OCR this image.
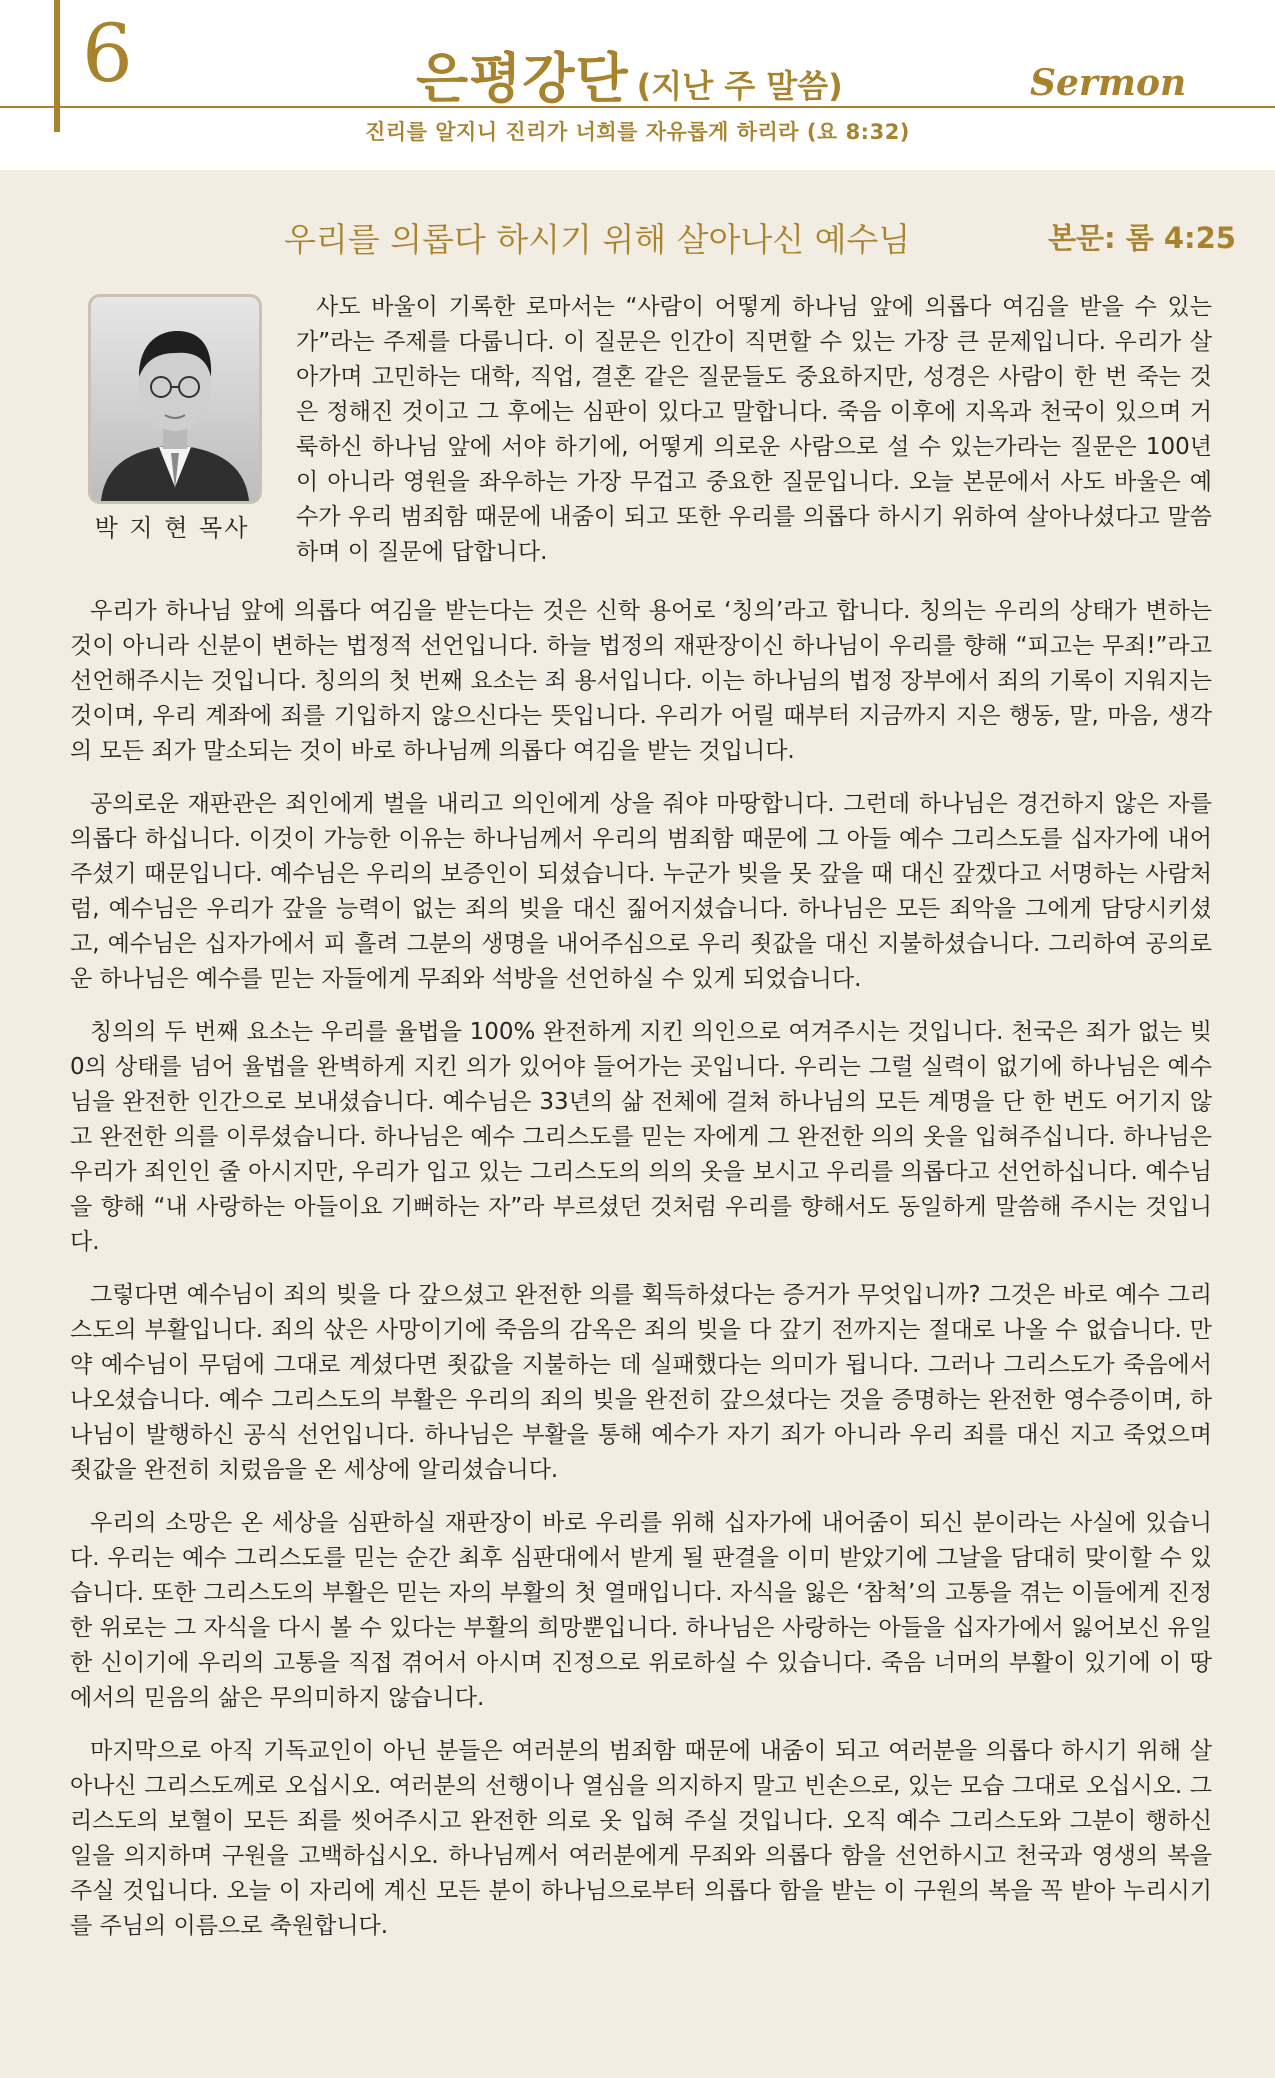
6	은평강단 (지난 주 말씀)	Sermon
진리를 알지니 진리가 너희를 자유롭게 하리라 (요 8:32)
우리를 의롭다 하시기 위해 살아나신 예수님	본문: 롬 4:25
박 지 현 목사

사도 바울이 기록한 로마서는 “사람이 어떻게 하나님 앞에 의롭다 여김을 받을 수 있는가”라는 주제를 다룹니다. 이 질문은 인간이 직면할 수 있는 가장 큰 문제입니다. 우리가 살아가며 고민하는 대학, 직업, 결혼 같은 질문들도 중요하지만, 성경은 사람이 한 번 죽는 것은 정해진 것이고 그 후에는 심판이 있다고 말합니다. 죽음 이후에 지옥과 천국이 있으며 거룩하신 하나님 앞에 서야 하기에, 어떻게 의로운 사람으로 설 수 있는가라는 질문은 100년이 아니라 영원을 좌우하는 가장 무겁고 중요한 질문입니다. 오늘 본문에서 사도 바울은 예수가 우리 범죄함 때문에 내줌이 되고 또한 우리를 의롭다 하시기 위하여 살아나셨다고 말씀하며 이 질문에 답합니다.

우리가 하나님 앞에 의롭다 여김을 받는다는 것은 신학 용어로 ‘칭의’라고 합니다. 칭의는 우리의 상태가 변하는 것이 아니라 신분이 변하는 법정적 선언입니다. 하늘 법정의 재판장이신 하나님이 우리를 향해 “피고는 무죄!”라고 선언해주시는 것입니다. 칭의의 첫 번째 요소는 죄 용서입니다. 이는 하나님의 법정 장부에서 죄의 기록이 지워지는 것이며, 우리 계좌에 죄를 기입하지 않으신다는 뜻입니다. 우리가 어릴 때부터 지금까지 지은 행동, 말, 마음, 생각의 모든 죄가 말소되는 것이 바로 하나님께 의롭다 여김을 받는 것입니다.

공의로운 재판관은 죄인에게 벌을 내리고 의인에게 상을 줘야 마땅합니다. 그런데 하나님은 경건하지 않은 자를 의롭다 하십니다. 이것이 가능한 이유는 하나님께서 우리의 범죄함 때문에 그 아들 예수 그리스도를 십자가에 내어주셨기 때문입니다. 예수님은 우리의 보증인이 되셨습니다. 누군가 빚을 못 갚을 때 대신 갚겠다고 서명하는 사람처럼, 예수님은 우리가 갚을 능력이 없는 죄의 빚을 대신 짊어지셨습니다. 하나님은 모든 죄악을 그에게 담당시키셨고, 예수님은 십자가에서 피 흘려 그분의 생명을 내어주심으로 우리 죗값을 대신 지불하셨습니다. 그리하여 공의로운 하나님은 예수를 믿는 자들에게 무죄와 석방을 선언하실 수 있게 되었습니다.

칭의의 두 번째 요소는 우리를 율법을 100% 완전하게 지킨 의인으로 여겨주시는 것입니다. 천국은 죄가 없는 빚 0의 상태를 넘어 율법을 완벽하게 지킨 의가 있어야 들어가는 곳입니다. 우리는 그럴 실력이 없기에 하나님은 예수님을 완전한 인간으로 보내셨습니다. 예수님은 33년의 삶 전체에 걸쳐 하나님의 모든 계명을 단 한 번도 어기지 않고 완전한 의를 이루셨습니다. 하나님은 예수 그리스도를 믿는 자에게 그 완전한 의의 옷을 입혀주십니다. 하나님은 우리가 죄인인 줄 아시지만, 우리가 입고 있는 그리스도의 의의 옷을 보시고 우리를 의롭다고 선언하십니다. 예수님을 향해 “내 사랑하는 아들이요 기뻐하는 자”라 부르셨던 것처럼 우리를 향해서도 동일하게 말씀해 주시는 것입니다.

그렇다면 예수님이 죄의 빚을 다 갚으셨고 완전한 의를 획득하셨다는 증거가 무엇입니까? 그것은 바로 예수 그리스도의 부활입니다. 죄의 삯은 사망이기에 죽음의 감옥은 죄의 빚을 다 갚기 전까지는 절대로 나올 수 없습니다. 만약 예수님이 무덤에 그대로 계셨다면 죗값을 지불하는 데 실패했다는 의미가 됩니다. 그러나 그리스도가 죽음에서 나오셨습니다. 예수 그리스도의 부활은 우리의 죄의 빚을 완전히 갚으셨다는 것을 증명하는 완전한 영수증이며, 하나님이 발행하신 공식 선언입니다. 하나님은 부활을 통해 예수가 자기 죄가 아니라 우리 죄를 대신 지고 죽었으며 죗값을 완전히 치렀음을 온 세상에 알리셨습니다.

우리의 소망은 온 세상을 심판하실 재판장이 바로 우리를 위해 십자가에 내어줌이 되신 분이라는 사실에 있습니다. 우리는 예수 그리스도를 믿는 순간 최후 심판대에서 받게 될 판결을 이미 받았기에 그날을 담대히 맞이할 수 있습니다. 또한 그리스도의 부활은 믿는 자의 부활의 첫 열매입니다. 자식을 잃은 ‘참척’의 고통을 겪는 이들에게 진정한 위로는 그 자식을 다시 볼 수 있다는 부활의 희망뿐입니다. 하나님은 사랑하는 아들을 십자가에서 잃어보신 유일한 신이기에 우리의 고통을 직접 겪어서 아시며 진정으로 위로하실 수 있습니다. 죽음 너머의 부활이 있기에 이 땅에서의 믿음의 삶은 무의미하지 않습니다.

마지막으로 아직 기독교인이 아닌 분들은 여러분의 범죄함 때문에 내줌이 되고 여러분을 의롭다 하시기 위해 살아나신 그리스도께로 오십시오. 여러분의 선행이나 열심을 의지하지 말고 빈손으로, 있는 모습 그대로 오십시오. 그리스도의 보혈이 모든 죄를 씻어주시고 완전한 의로 옷 입혀 주실 것입니다. 오직 예수 그리스도와 그분이 행하신 일을 의지하며 구원을 고백하십시오. 하나님께서 여러분에게 무죄와 의롭다 함을 선언하시고 천국과 영생의 복을 주실 것입니다. 오늘 이 자리에 계신 모든 분이 하나님으로부터 의롭다 함을 받는 이 구원의 복을 꼭 받아 누리시기를 주님의 이름으로 축원합니다.
